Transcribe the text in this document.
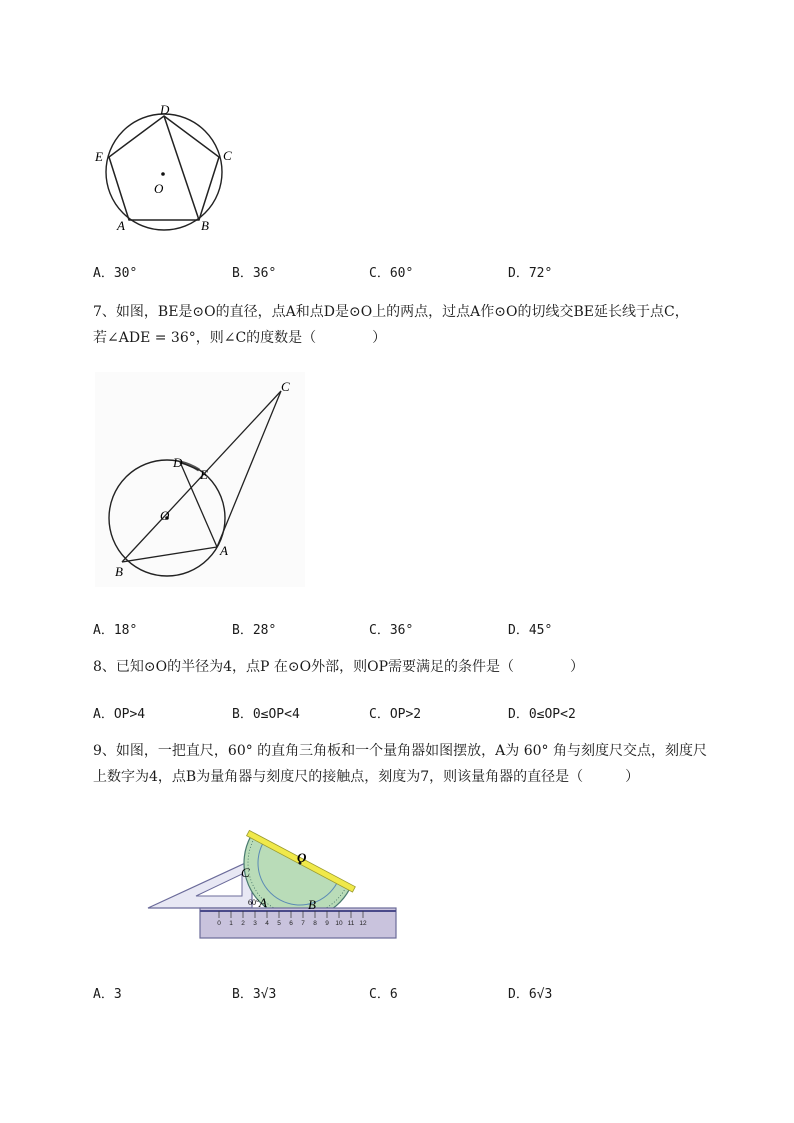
D
E	C
O
A	B
A．30°	B．36°	C．60°	D．72°
7、如图，BE是⊙O的直径，点A和点D是⊙O上的两点，过点A作⊙O的切线交BE延长线于点C，
若∠ADE = 36°，则∠C的度数是（　　　　）
C
D
E
O
A
B
A．18°	B．28°	C．36°	D．45°
8、已知⊙O的半径为4，点P 在⊙O外部，则OP需要满足的条件是（　　　　）
A．OP>4	B．0≤OP<4	C．OP>2	D．0≤OP<2
9、如图，一把直尺，60° 的直角三角板和一个量角器如图摆放，A为 60° 角与刻度尺交点，刻度尺
上数字为4，点B为量角器与刻度尺的接触点，刻度为7，则该量角器的直径是（　　　）
0 1 2 3 4 5 6 7 8 9 10 11 12
O
C
60° A	B
A．3	B．3√3	C．6	D．6√3
